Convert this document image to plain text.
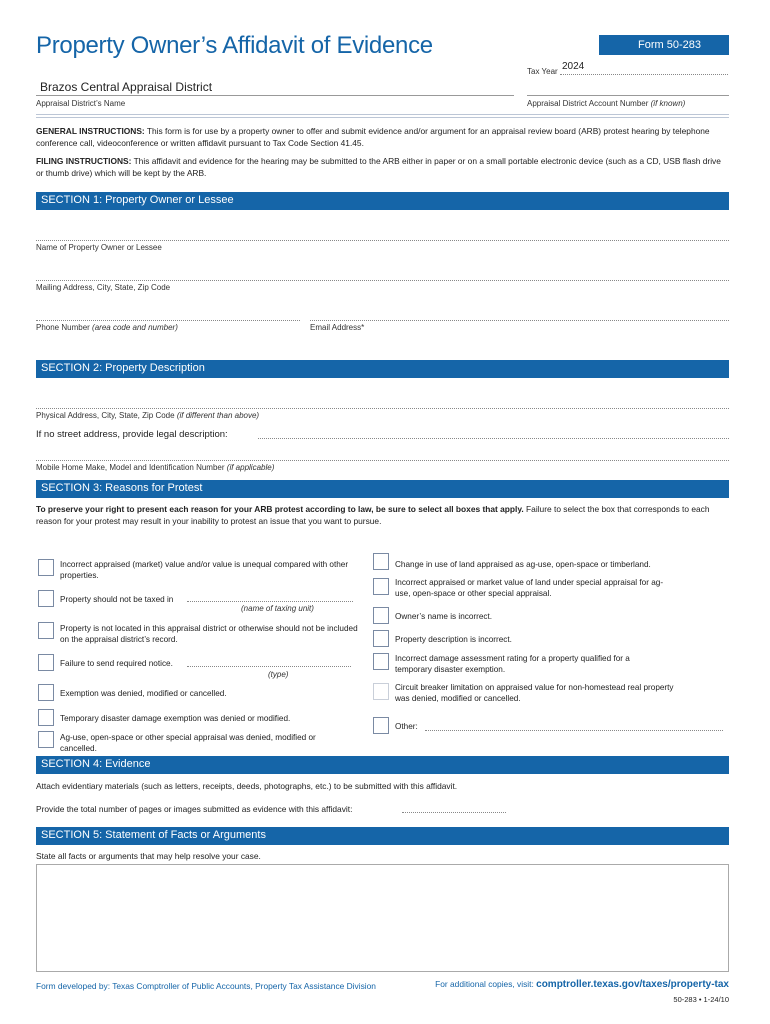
Property Owner’s Affidavit of Evidence	Form 50-283
Tax Year 2024
Brazos Central Appraisal District
Appraisal District’s Name	Appraisal District Account Number (if known)
GENERAL INSTRUCTIONS: This form is for use by a property owner to offer and submit evidence and/or argument for an appraisal review board (ARB) protest hearing by telephone conference call, videoconference or written affidavit pursuant to Tax Code Section 41.45.
FILING INSTRUCTIONS: This affidavit and evidence for the hearing may be submitted to the ARB either in paper or on a small portable electronic device (such as a CD, USB flash drive or thumb drive) which will be kept by the ARB.
SECTION 1: Property Owner or Lessee
Name of Property Owner or Lessee
Mailing Address, City, State, Zip Code
Phone Number (area code and number)	Email Address*
SECTION 2: Property Description
Physical Address, City, State, Zip Code (if different than above)
If no street address, provide legal description:
Mobile Home Make, Model and Identification Number (if applicable)
SECTION 3: Reasons for Protest
To preserve your right to present each reason for your ARB protest according to law, be sure to select all boxes that apply. Failure to select the box that corresponds to each reason for your protest may result in your inability to protest an issue that you want to pursue.
Incorrect appraised (market) value and/or value is unequal compared with other properties.
Property should not be taxed in
(name of taxing unit)
Property is not located in this appraisal district or otherwise should not be included on the appraisal district’s record.
Failure to send required notice.
(type)
Exemption was denied, modified or cancelled.
Temporary disaster damage exemption was denied or modified.
Ag-use, open-space or other special appraisal was denied, modified or cancelled.
Change in use of land appraised as ag-use, open-space or timberland.
Incorrect appraised or market value of land under special appraisal for ag-use, open-space or other special appraisal.
Owner’s name is incorrect.
Property description is incorrect.
Incorrect damage assessment rating for a property qualified for a temporary disaster exemption.
Circuit breaker limitation on appraised value for non-homestead real property was denied, modified or cancelled.
Other:
SECTION 4: Evidence
Attach evidentiary materials (such as letters, receipts, deeds, photographs, etc.) to be submitted with this affidavit.
Provide the total number of pages or images submitted as evidence with this affidavit:
SECTION 5: Statement of Facts or Arguments
State all facts or arguments that may help resolve your case.
Form developed by: Texas Comptroller of Public Accounts, Property Tax Assistance Division	For additional copies, visit: comptroller.texas.gov/taxes/property-tax
50-283 • 1-24/10
